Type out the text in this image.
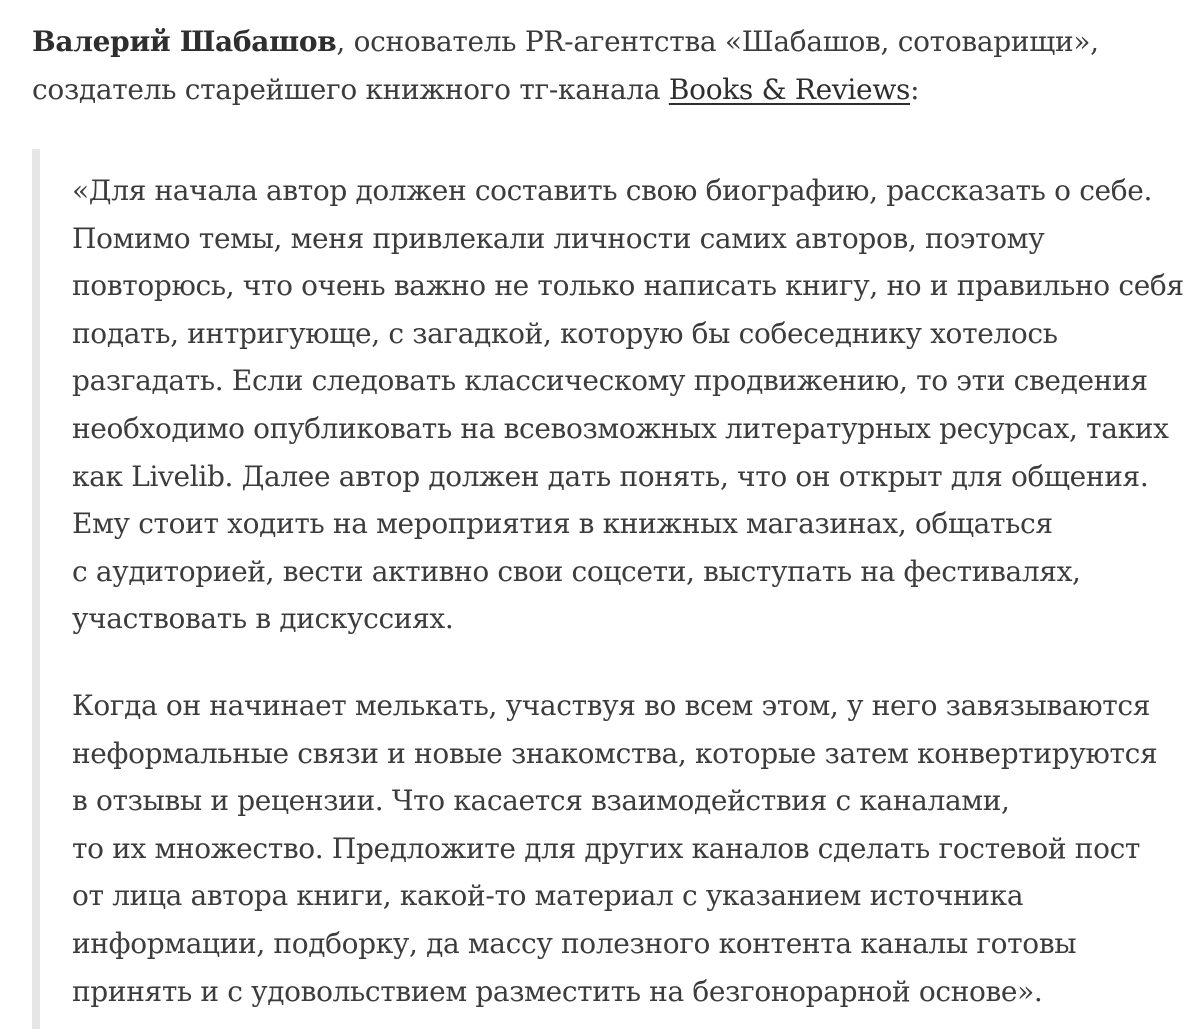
Валерий Шабашов, основатель PR-агентства «Шабашов, сотоварищи»,
создатель старейшего книжного тг-канала Books & Reviews:

«Для начала автор должен составить свою биографию, рассказать о себе.
Помимо темы, меня привлекали личности самих авторов, поэтому
повторюсь, что очень важно не только написать книгу, но и правильно себя
подать, интригующе, с загадкой, которую бы собеседнику хотелось
разгадать. Если следовать классическому продвижению, то эти сведения
необходимо опубликовать на всевозможных литературных ресурсах, таких
как Livelib. Далее автор должен дать понять, что он открыт для общения.
Ему стоит ходить на мероприятия в книжных магазинах, общаться
с аудиторией, вести активно свои соцсети, выступать на фестивалях,
участвовать в дискуссиях.

Когда он начинает мелькать, участвуя во всем этом, у него завязываются
неформальные связи и новые знакомства, которые затем конвертируются
в отзывы и рецензии. Что касается взаимодействия с каналами,
то их множество. Предложите для других каналов сделать гостевой пост
от лица автора книги, какой-то материал с указанием источника
информации, подборку, да массу полезного контента каналы готовы
принять и с удовольствием разместить на безгонорарной основе».
